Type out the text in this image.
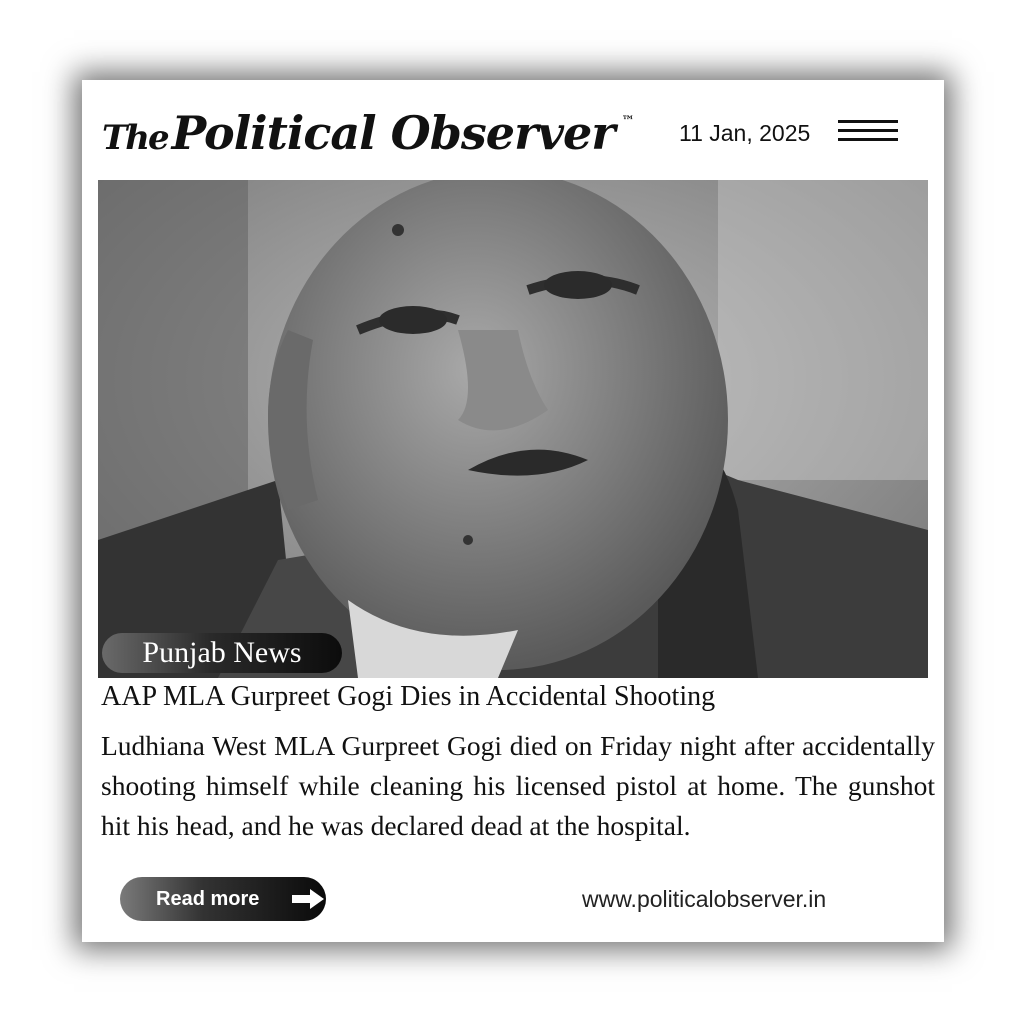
ThePolitical Observer ™ 11 Jan, 2025
Punjab News
AAP MLA Gurpreet Gogi Dies in Accidental Shooting

Ludhiana West MLA Gurpreet Gogi died on Friday night after accidentally shooting himself while cleaning his licensed pistol at home. The gunshot hit his head, and he was declared dead at the hospital.

Read more	www.politicalobserver.in
